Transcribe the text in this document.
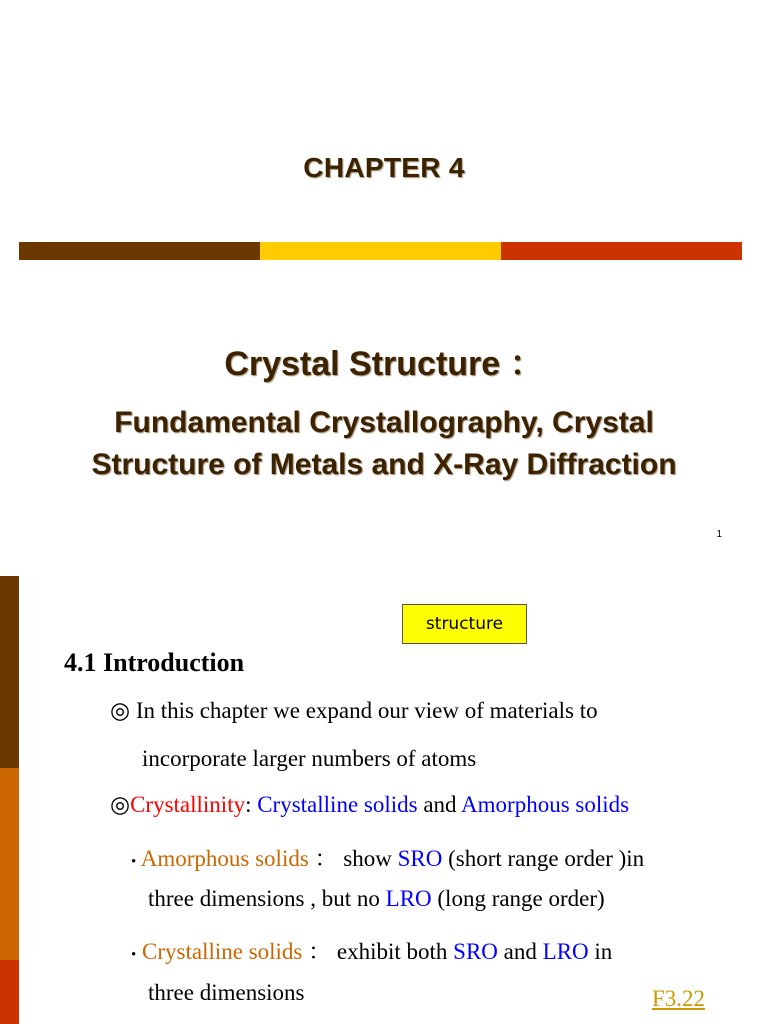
CHAPTER 4
Crystal Structure ：
Fundamental Crystallography, Crystal
Structure of Metals and X-Ray Diffraction
1
structure
4.1 Introduction
◎ In this chapter we expand our view of materials to
incorporate larger numbers of atoms
◎Crystallinity: Crystalline solids and Amorphous solids
• Amorphous solids ： show SRO (short range order )in
three dimensions , but no LRO (long range order)
• Crystalline solids ： exhibit both SRO and LRO in
three dimensions	F3.22
